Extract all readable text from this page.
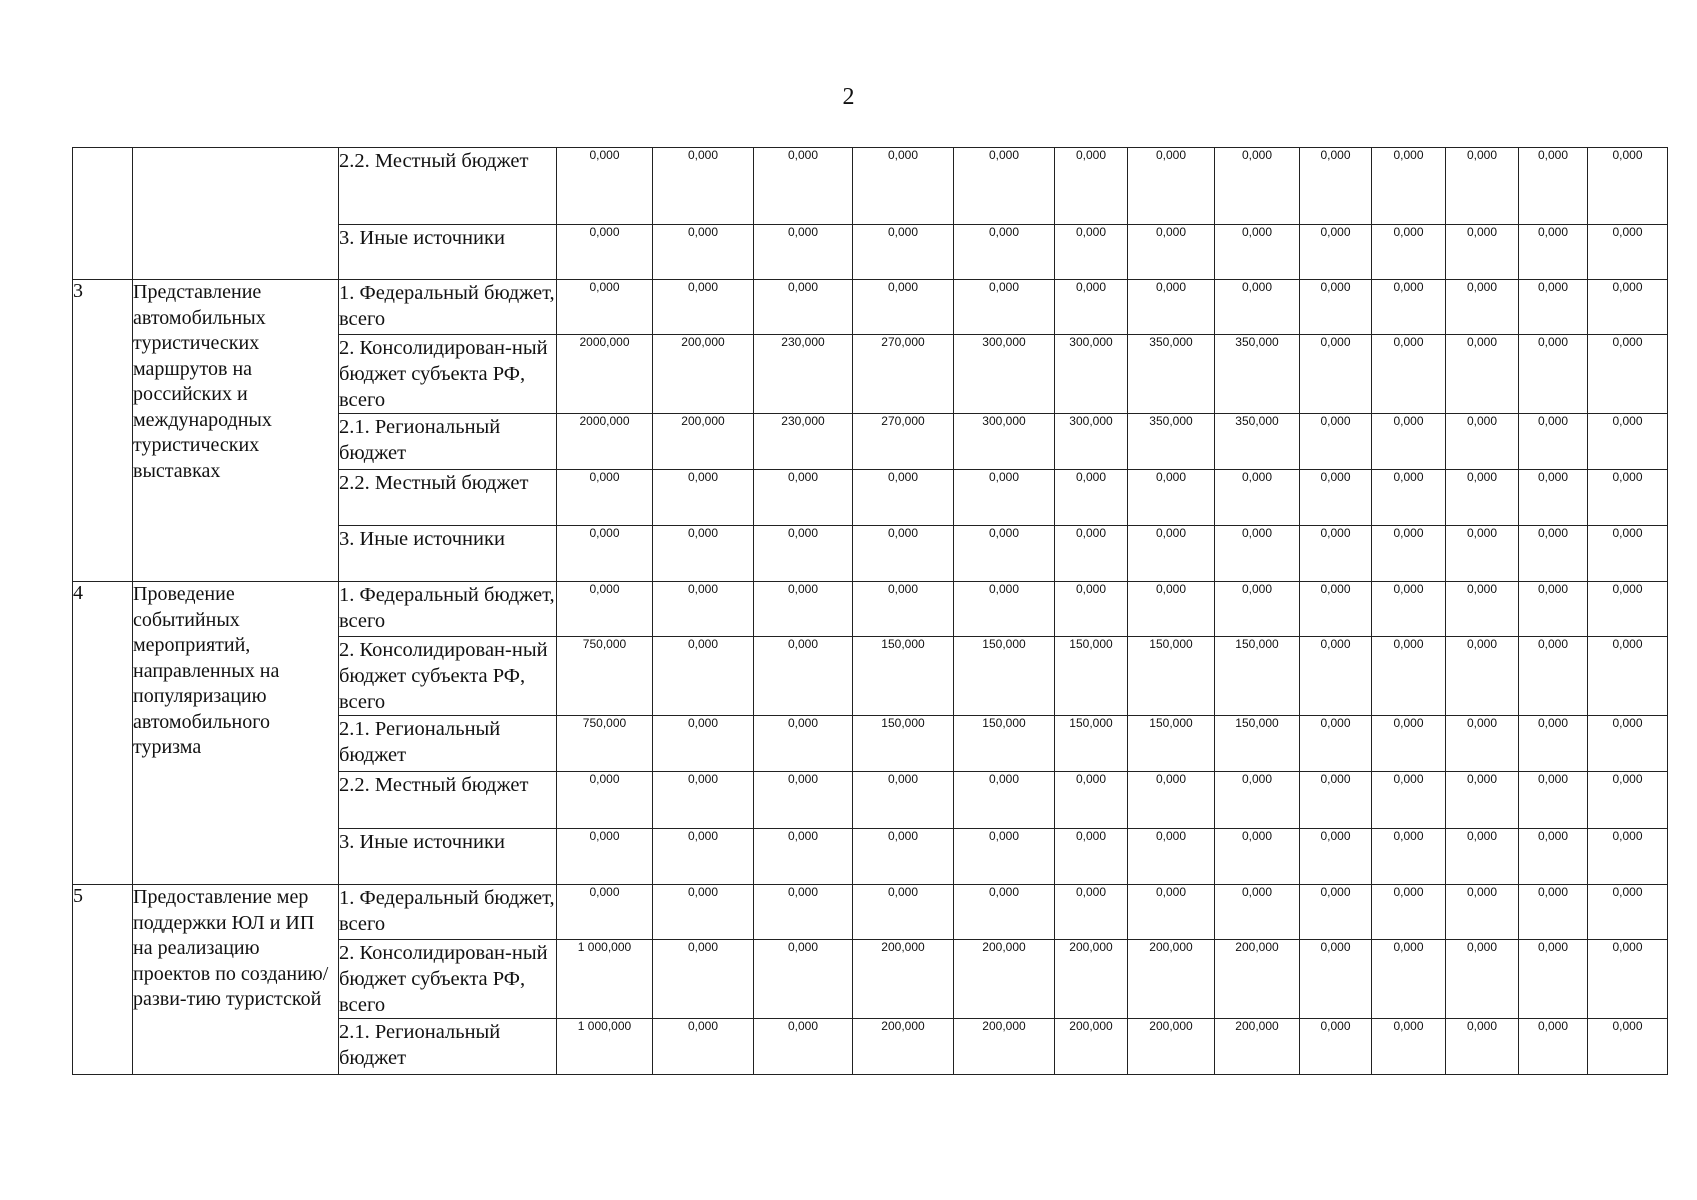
2
		2.2. Местный бюджет	0,000	0,000	0,000	0,000	0,000	0,000	0,000	0,000	0,000	0,000	0,000	0,000	0,000
		3. Иные источники	0,000	0,000	0,000	0,000	0,000	0,000	0,000	0,000	0,000	0,000	0,000	0,000	0,000
3	Представление автомобильных туристических маршрутов на российских и международных туристических выставках	1. Федеральный бюджет, всего	0,000	0,000	0,000	0,000	0,000	0,000	0,000	0,000	0,000	0,000	0,000	0,000	0,000
		2. Консолидирован-ный бюджет субъекта РФ, всего	2000,000	200,000	230,000	270,000	300,000	300,000	350,000	350,000	0,000	0,000	0,000	0,000	0,000
		2.1. Региональный бюджет	2000,000	200,000	230,000	270,000	300,000	300,000	350,000	350,000	0,000	0,000	0,000	0,000	0,000
		2.2. Местный бюджет	0,000	0,000	0,000	0,000	0,000	0,000	0,000	0,000	0,000	0,000	0,000	0,000	0,000
		3. Иные источники	0,000	0,000	0,000	0,000	0,000	0,000	0,000	0,000	0,000	0,000	0,000	0,000	0,000
4	Проведение событийных мероприятий, направленных на популяризацию автомобильного туризма	1. Федеральный бюджет, всего	0,000	0,000	0,000	0,000	0,000	0,000	0,000	0,000	0,000	0,000	0,000	0,000	0,000
		2. Консолидирован-ный бюджет субъекта РФ, всего	750,000	0,000	0,000	150,000	150,000	150,000	150,000	150,000	0,000	0,000	0,000	0,000	0,000
		2.1. Региональный бюджет	750,000	0,000	0,000	150,000	150,000	150,000	150,000	150,000	0,000	0,000	0,000	0,000	0,000
		2.2. Местный бюджет	0,000	0,000	0,000	0,000	0,000	0,000	0,000	0,000	0,000	0,000	0,000	0,000	0,000
		3. Иные источники	0,000	0,000	0,000	0,000	0,000	0,000	0,000	0,000	0,000	0,000	0,000	0,000	0,000
5	Предоставление мер поддержки ЮЛ и ИП на реализацию проектов по созданию/разви-тию туристской	1. Федеральный бюджет, всего	0,000	0,000	0,000	0,000	0,000	0,000	0,000	0,000	0,000	0,000	0,000	0,000	0,000
		2. Консолидирован-ный бюджет субъекта РФ, всего	1 000,000	0,000	0,000	200,000	200,000	200,000	200,000	200,000	0,000	0,000	0,000	0,000	0,000
		2.1. Региональный бюджет	1 000,000	0,000	0,000	200,000	200,000	200,000	200,000	200,000	0,000	0,000	0,000	0,000	0,000
